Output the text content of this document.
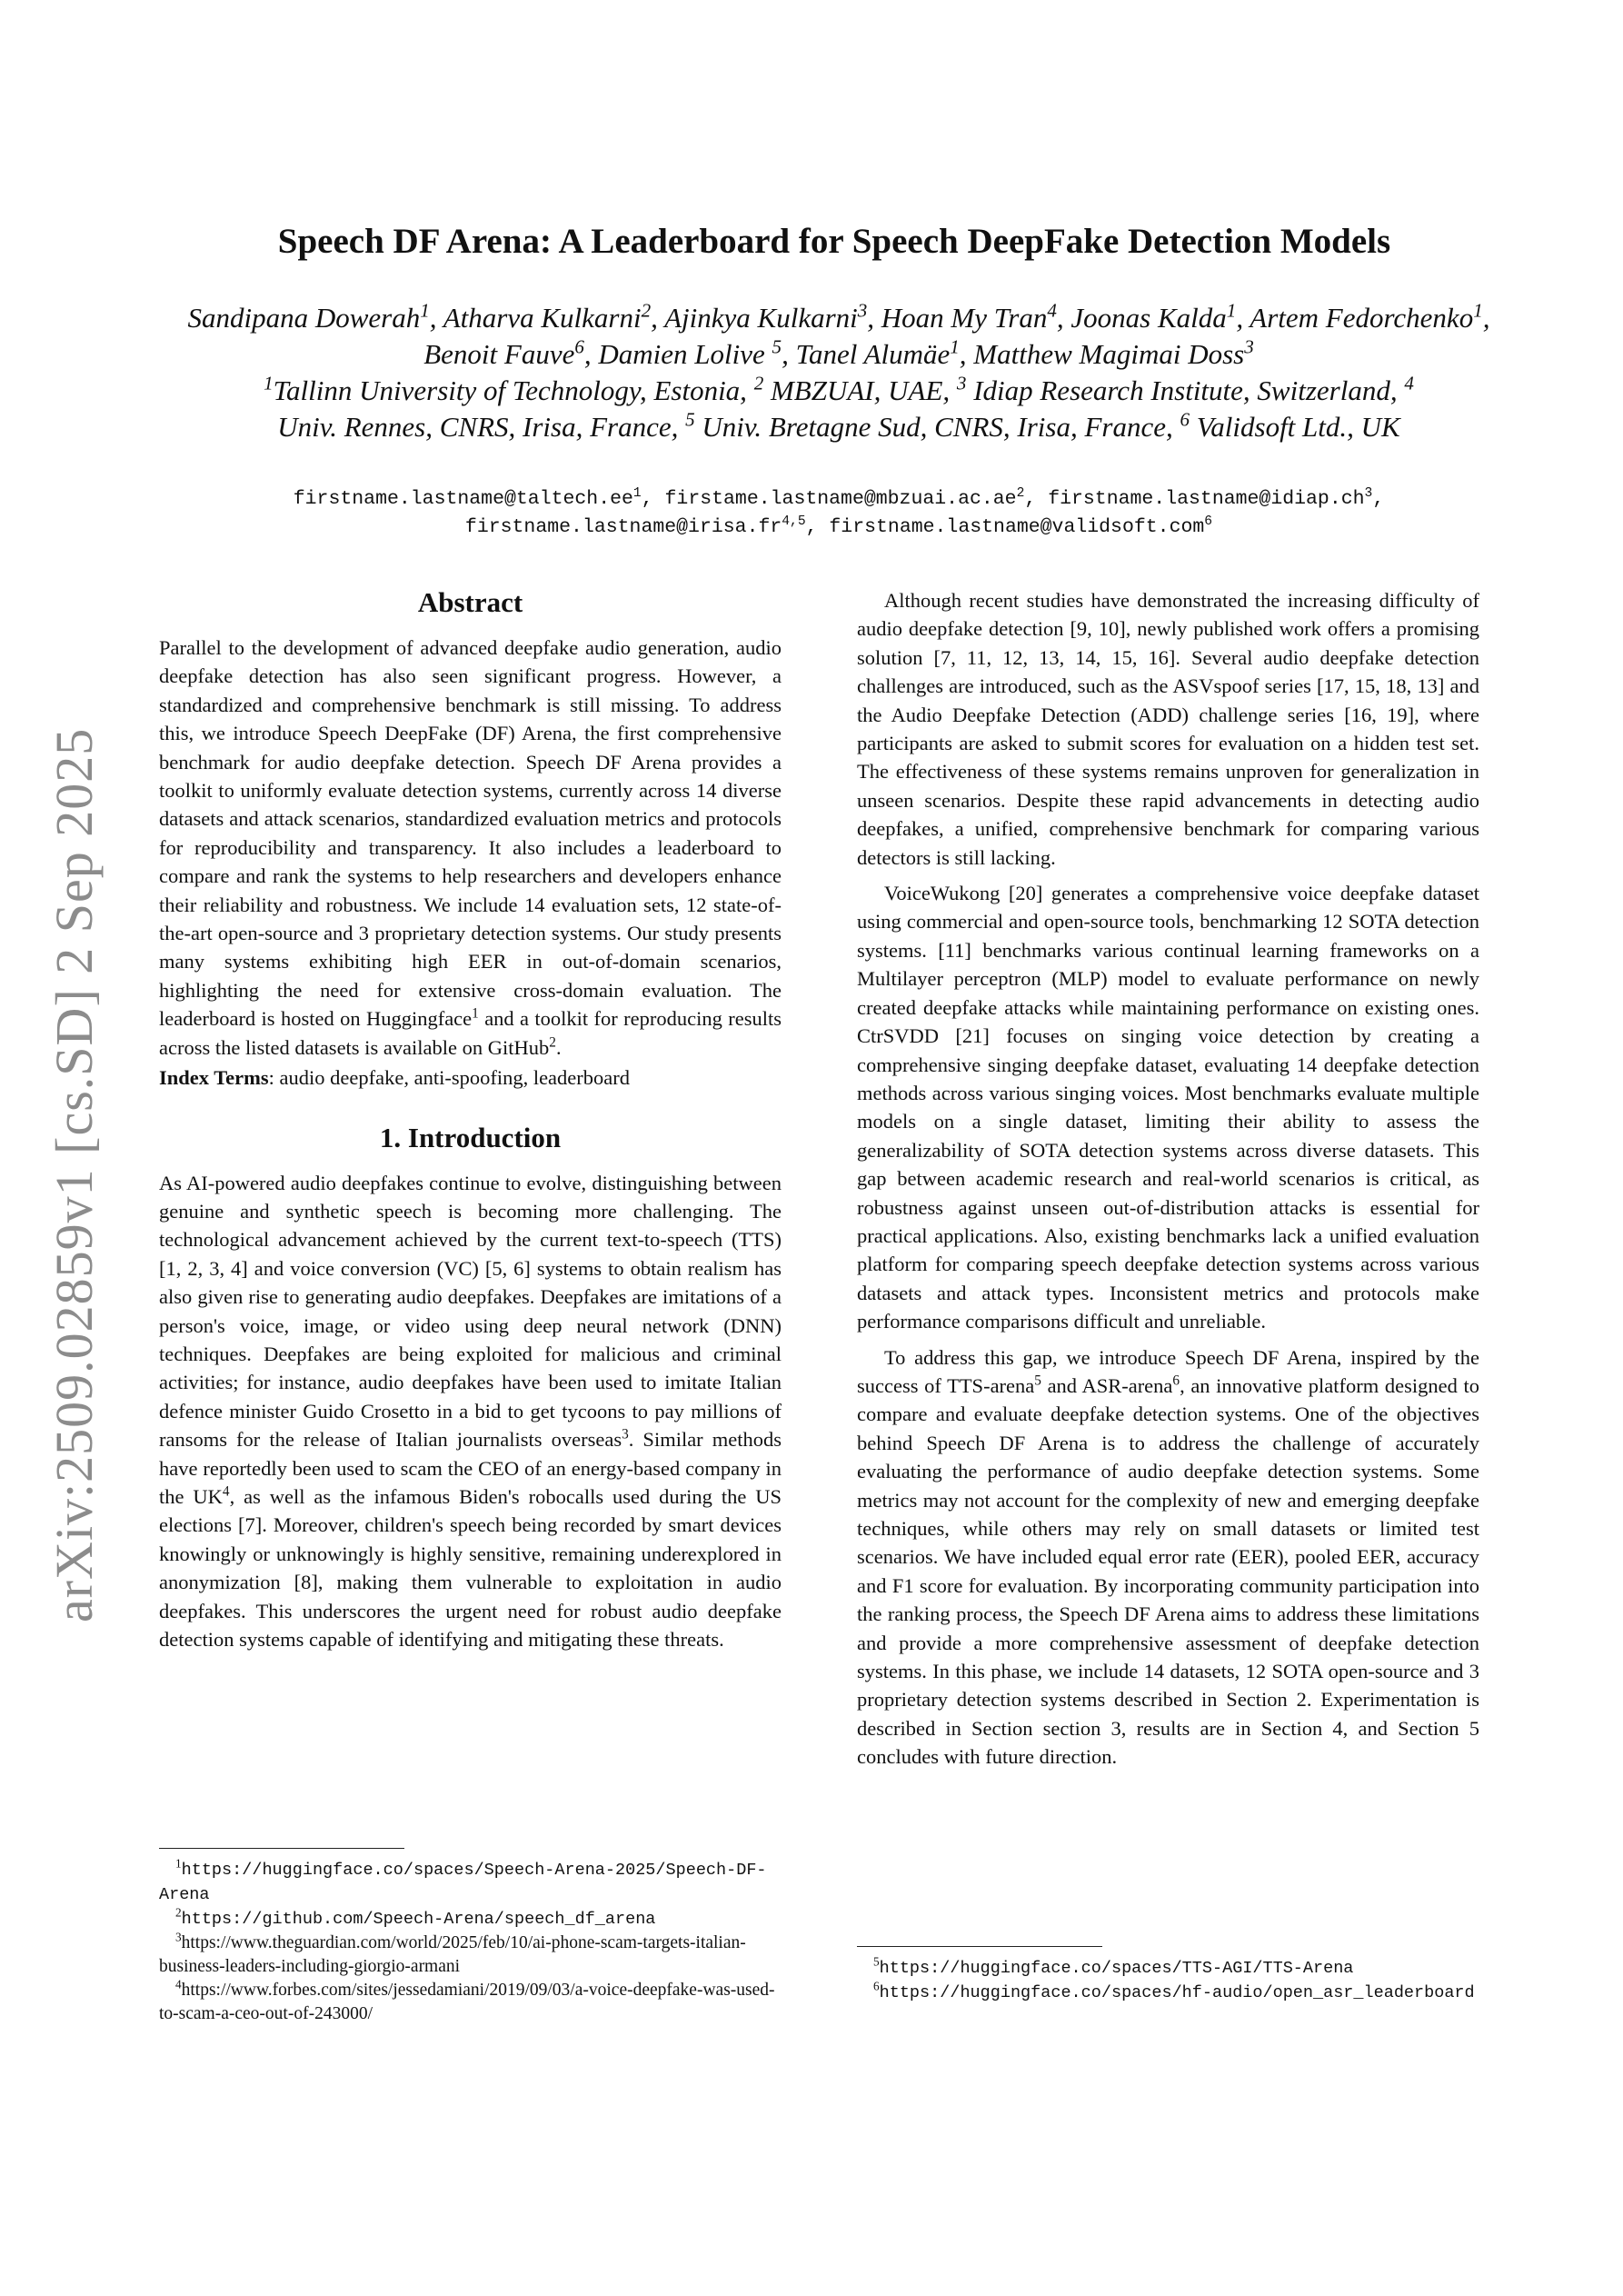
arXiv:2509.02859v1 [cs.SD] 2 Sep 2025
Speech DF Arena: A Leaderboard for Speech DeepFake Detection Models
Sandipana Dowerah$^1$, Atharva Kulkarni$^2$, Ajinkya Kulkarni$^3$, Hoan My Tran$^4$, Joonas Kalda$^1$, Artem Fedorchenko$^1$, Benoit Fauve$^6$, Damien Lolive $^5$, Tanel Alumäe$^1$, Matthew Magimai Doss$^3$
$^1$Tallinn University of Technology, Estonia, $^2$ MBZUAI, UAE, $^3$ Idiap Research Institute, Switzerland, $^4$
Univ. Rennes, CNRS, Irisa, France, $^5$ Univ. Bretagne Sud, CNRS, Irisa, France, $^6$ Validsoft Ltd., UK
$firstname.lastname@taltech.ee^1$, $firstame.lastname@mbzuai.ac.ae^2$, $firstname.lastname@idiap.ch^3$,
firstname.lastname@irisa.fr$^{4,5}$, firstname.lastname@validsoft.com$^6$
Abstract

Parallel to the development of advanced deepfake audio generation, audio deepfake detection has also seen significant progress. However, a standardized and comprehensive benchmark is still missing. To address this, we introduce Speech DeepFake (DF) Arena, the first comprehensive benchmark for audio deepfake detection. Speech DF Arena provides a toolkit to uniformly evaluate detection systems, currently across 14 diverse datasets and attack scenarios, standardized evaluation metrics and protocols for reproducibility and transparency. It also includes a leaderboard to compare and rank the systems to help researchers and developers enhance their reliability and robustness. We include 14 evaluation sets, 12 state-of-the-art open-source and 3 proprietary detection systems. Our study presents many systems exhibiting high EER in out-of-domain scenarios, highlighting the need for extensive cross-domain evaluation. The leaderboard is hosted on Huggingface$^1$ and a toolkit for reproducing results across the listed datasets is available on GitHub$^2$.

Index Terms: audio deepfake, anti-spoofing, leaderboard

1. Introduction

As AI-powered audio deepfakes continue to evolve, distinguishing between genuine and synthetic speech is becoming more challenging. The technological advancement achieved by the current text-to-speech (TTS) [1, 2, 3, 4] and voice conversion (VC) [5, 6] systems to obtain realism has also given rise to generating audio deepfakes. Deepfakes are imitations of a person's voice, image, or video using deep neural network (DNN) techniques. Deepfakes are being exploited for malicious and criminal activities; for instance, audio deepfakes have been used to imitate Italian defence minister Guido Crosetto in a bid to get tycoons to pay millions of ransoms for the release of Italian journalists overseas$^3$. Similar methods have reportedly been used to scam the CEO of an energy-based company in the $UK^4$, as well as the infamous Biden's robocalls used during the US elections [7]. Moreover, children's speech being recorded by smart devices knowingly or unknowingly is highly sensitive, remaining underexplored in anonymization [8], making them vulnerable to exploitation in audio deepfakes. This underscores the urgent need for robust audio deepfake detection systems capable of identifying and mitigating these threats.

$^1$https://huggingface.co/spaces/Speech-Arena-2025/Speech-DF-Arena

$^2$https://github.com/Speech-Arena/speech_df_arena

$^3$https://www.theguardian.com/world/2025/feb/10/ai-phone-scam-targets-italian-business-leaders-including-giorgio-armani

$^4$https://www.forbes.com/sites/jessedamiani/2019/09/03/a-voice-deepfake-was-used-to-scam-a-ceo-out-of-243000/

Although recent studies have demonstrated the increasing difficulty of audio deepfake detection [9, 10], newly published work offers a promising solution [7, 11, 12, 13, 14, 15, 16]. Several audio deepfake detection challenges are introduced, such as the ASVspoof series [17, 15, 18, 13] and the Audio Deepfake Detection (ADD) challenge series [16, 19], where participants are asked to submit scores for evaluation on a hidden test set. The effectiveness of these systems remains unproven for generalization in unseen scenarios. Despite these rapid advancements in detecting audio deepfakes, a unified, comprehensive benchmark for comparing various detectors is still lacking.

VoiceWukong [20] generates a comprehensive voice deepfake dataset using commercial and open-source tools, benchmarking 12 SOTA detection systems. [11] benchmarks various continual learning frameworks on a Multilayer perceptron (MLP) model to evaluate performance on newly created deepfake attacks while maintaining performance on existing ones. CtrSVDD [21] focuses on singing voice detection by creating a comprehensive singing deepfake dataset, evaluating 14 deepfake detection methods across various singing voices. Most benchmarks evaluate multiple models on a single dataset, limiting their ability to assess the generalizability of SOTA detection systems across diverse datasets. This gap between academic research and real-world scenarios is critical, as robustness against unseen out-of-distribution attacks is essential for practical applications. Also, existing benchmarks lack a unified evaluation platform for comparing speech deepfake detection systems across various datasets and attack types. Inconsistent metrics and protocols make performance comparisons difficult and unreliable.

To address this gap, we introduce Speech DF Arena, inspired by the success of TTS-arena$^5$ and ASR-arena$^6$, an innovative platform designed to compare and evaluate deepfake detection systems. One of the objectives behind Speech DF Arena is to address the challenge of accurately evaluating the performance of audio deepfake detection systems. Some metrics may not account for the complexity of new and emerging deepfake techniques, while others may rely on small datasets or limited test scenarios. We have included equal error rate (EER), pooled EER, accuracy and F1 score for evaluation. By incorporating community participation into the ranking process, the Speech DF Arena aims to address these limitations and provide a more comprehensive assessment of deepfake detection systems. In this phase, we include 14 datasets, 12 SOTA open-source and 3 proprietary detection systems described in Section 2. Experimentation is described in Section section 3, results are in Section 4, and Section 5 concludes with future direction.

$^5$https://huggingface.co/spaces/TTS-AGI/TTS-Arena

$^6$https://huggingface.co/spaces/hf-audio/open_asr_leaderboard
